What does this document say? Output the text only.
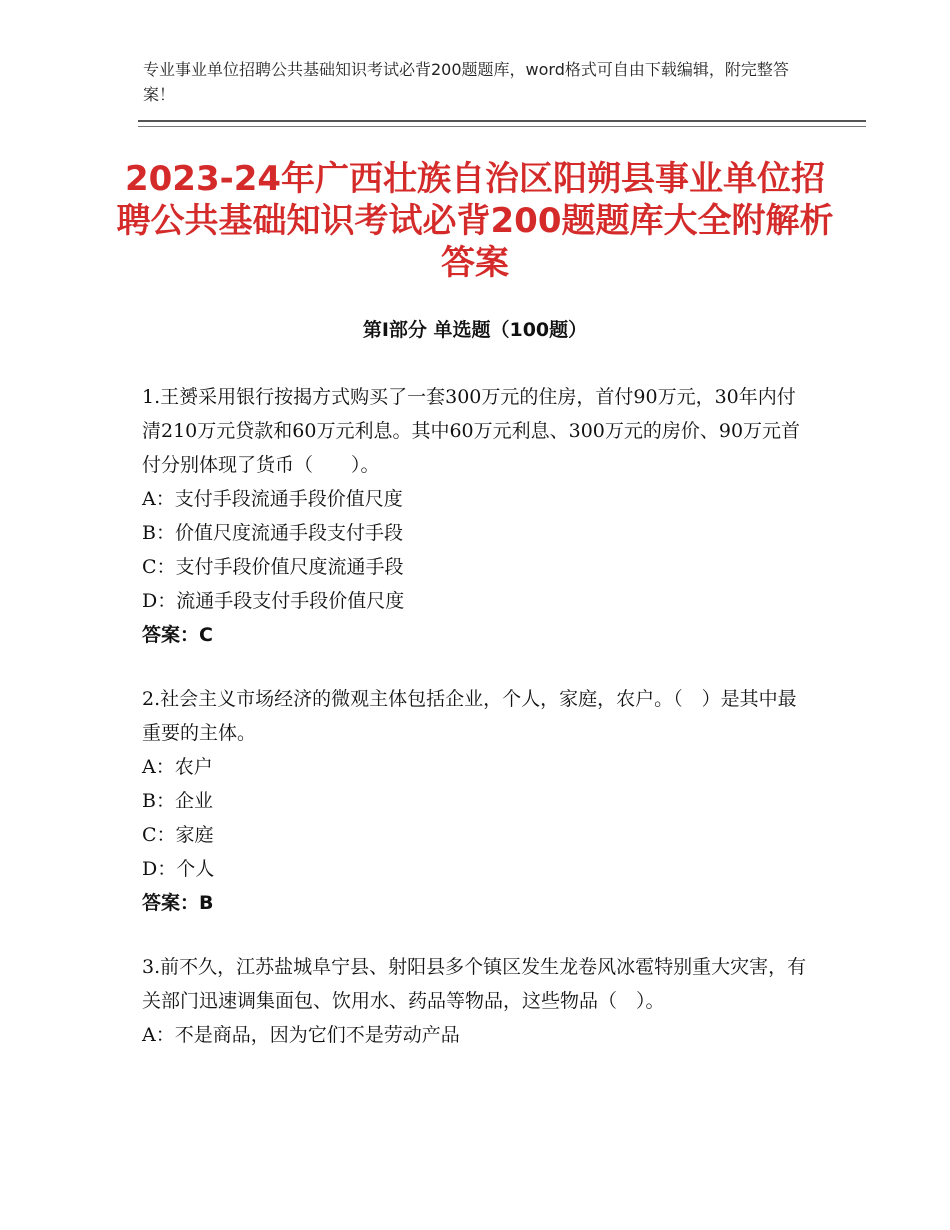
专业事业单位招聘公共基础知识考试必背200题题库，word格式可自由下载编辑，附完整答案！
2023-24年广西壮族自治区阳朔县事业单位招聘公共基础知识考试必背200题题库大全附解析答案
第Ⅰ部分 单选题（100题）

1.王赟采用银行按揭方式购买了一套300万元的住房，首付90万元，30年内付清210万元贷款和60万元利息。其中60万元利息、300万元的房价、90万元首付分别体现了货币（　　）。

A：支付手段流通手段价值尺度

B：价值尺度流通手段支付手段

C：支付手段价值尺度流通手段

D：流通手段支付手段价值尺度

答案：C

2.社会主义市场经济的微观主体包括企业，个人，家庭，农户。（　）是其中最重要的主体。

A：农户

B：企业

C：家庭

D：个人

答案：B

3.前不久，江苏盐城阜宁县、射阳县多个镇区发生龙卷风冰雹特别重大灾害，有关部门迅速调集面包、饮用水、药品等物品，这些物品（　）。

A：不是商品，因为它们不是劳动产品
